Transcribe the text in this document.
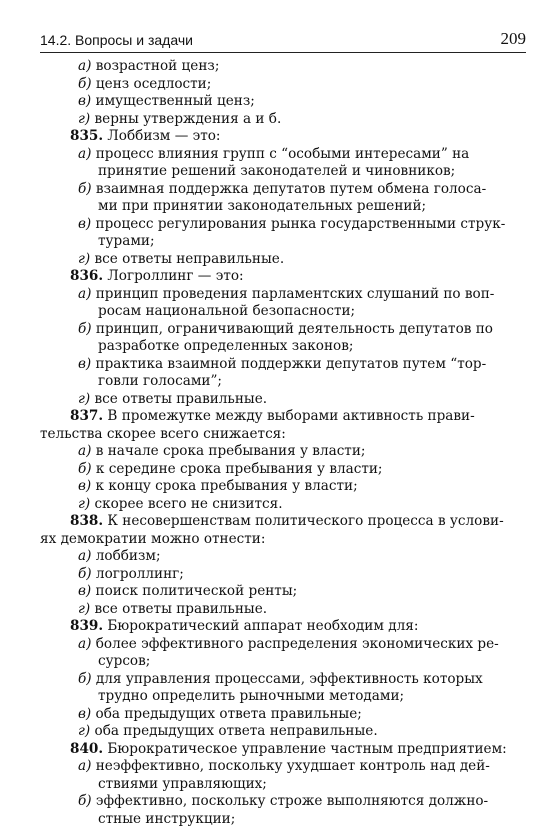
14.2. Вопросы и задачи	209
а) возрастной ценз;
б) ценз оседлости;
в) имущественный ценз;
г) верны утверждения а и б.
835. Лоббизм — это:
а) процесс влияния групп с “особыми интересами” на
принятие решений законодателей и чиновников;
б) взаимная поддержка депутатов путем обмена голоса-
ми при принятии законодательных решений;
в) процесс регулирования рынка государственными струк-
турами;
г) все ответы неправильные.
836. Логроллинг — это:
а) принцип проведения парламентских слушаний по воп-
росам национальной безопасности;
б) принцип, ограничивающий деятельность депутатов по
разработке определенных законов;
в) практика взаимной поддержки депутатов путем “тор-
говли голосами”;
г) все ответы правильные.
837. В промежутке между выборами активность прави-
тельства скорее всего снижается:
а) в начале срока пребывания у власти;
б) к середине срока пребывания у власти;
в) к концу срока пребывания у власти;
г) скорее всего не снизится.
838. К несовершенствам политического процесса в услови-
ях демократии можно отнести:
а) лоббизм;
б) логроллинг;
в) поиск политической ренты;
г) все ответы правильные.
839. Бюрократический аппарат необходим для:
а) более эффективного распределения экономических ре-
сурсов;
б) для управления процессами, эффективность которых
трудно определить рыночными методами;
в) оба предыдущих ответа правильные;
г) оба предыдущих ответа неправильные.
840. Бюрократическое управление частным предприятием:
а) неэффективно, поскольку ухудшает контроль над дей-
ствиями управляющих;
б) эффективно, поскольку строже выполняются должно-
стные инструкции;
